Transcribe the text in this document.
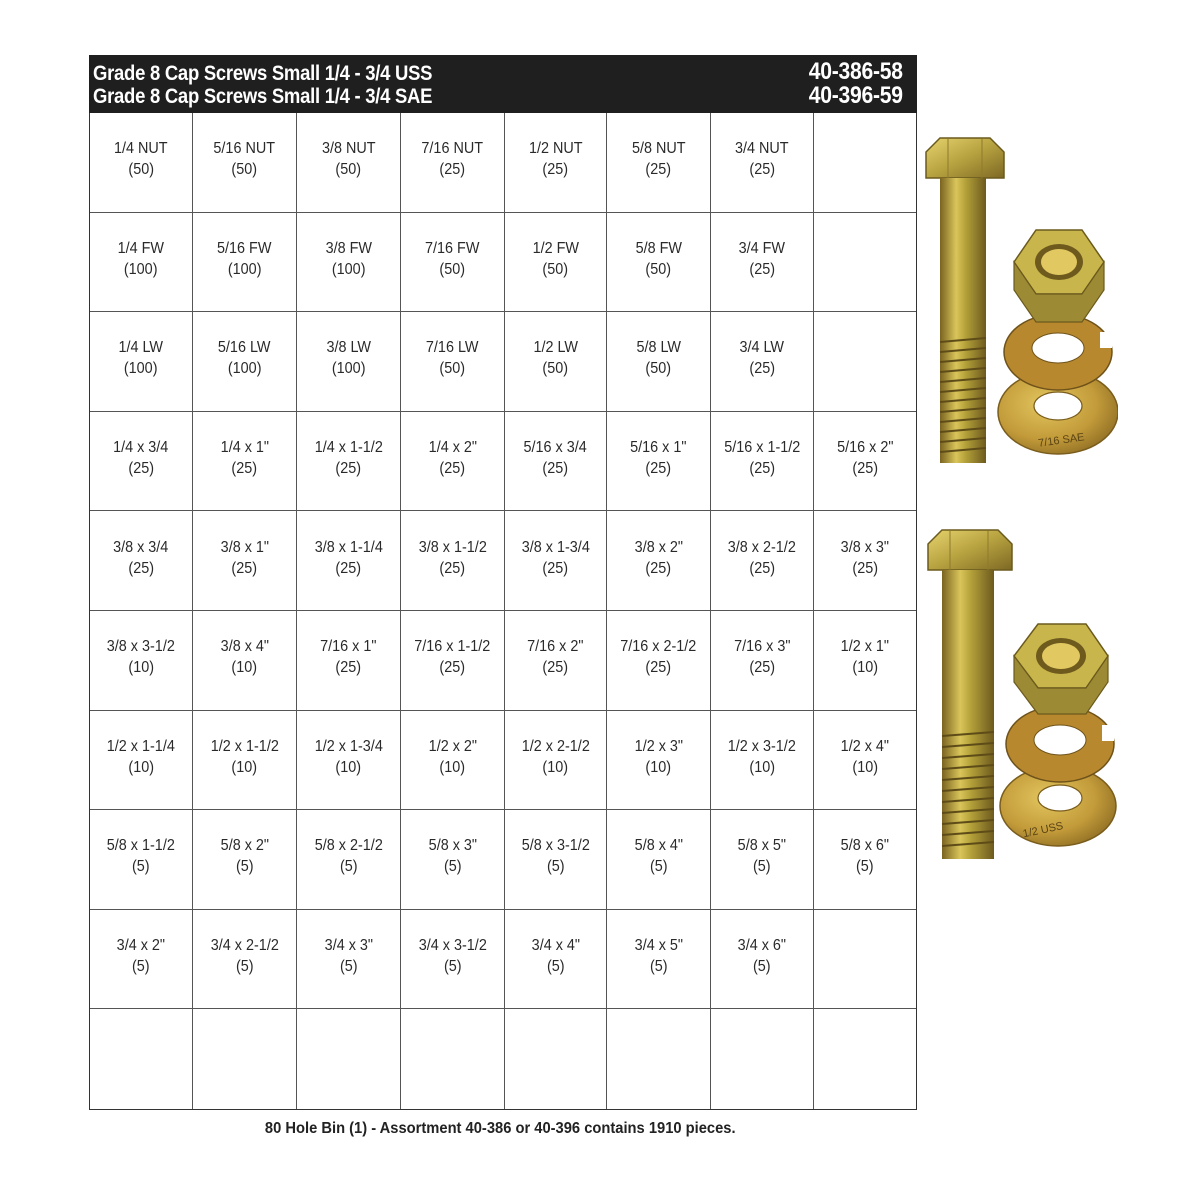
Grade 8 Cap Screws Small 1/4 - 3/4 USS
Grade 8 Cap Screws Small 1/4 - 3/4 SAE
40-386-58
40-396-59
1/4 NUT
(50)
5/16 NUT
(50)
3/8 NUT
(50)
7/16 NUT
(25)
1/2 NUT
(25)
5/8 NUT
(25)
3/4 NUT
(25)
1/4 FW
(100)
5/16 FW
(100)
3/8 FW
(100)
7/16 FW
(50)
1/2 FW
(50)
5/8 FW
(50)
3/4 FW
(25)
1/4 LW
(100)
5/16 LW
(100)
3/8 LW
(100)
7/16 LW
(50)
1/2 LW
(50)
5/8 LW
(50)
3/4 LW
(25)
1/4 x 3/4
(25)
1/4 x 1"
(25)
1/4 x 1-1/2
(25)
1/4 x 2"
(25)
5/16 x 3/4
(25)
5/16 x 1"
(25)
5/16 x 1-1/2
(25)
5/16 x 2"
(25)
3/8 x 3/4
(25)
3/8 x 1"
(25)
3/8 x 1-1/4
(25)
3/8 x 1-1/2
(25)
3/8 x 1-3/4
(25)
3/8 x 2"
(25)
3/8 x 2-1/2
(25)
3/8 x 3"
(25)
3/8 x 3-1/2
(10)
3/8 x 4"
(10)
7/16 x 1"
(25)
7/16 x 1-1/2
(25)
7/16 x 2"
(25)
7/16 x 2-1/2
(25)
7/16 x 3"
(25)
1/2 x 1"
(10)
1/2 x 1-1/4
(10)
1/2 x 1-1/2
(10)
1/2 x 1-3/4
(10)
1/2 x 2"
(10)
1/2 x 2-1/2
(10)
1/2 x 3"
(10)
1/2 x 3-1/2
(10)
1/2 x 4"
(10)
5/8 x 1-1/2
(5)
5/8 x 2"
(5)
5/8 x 2-1/2
(5)
5/8 x 3"
(5)
5/8 x 3-1/2
(5)
5/8 x 4"
(5)
5/8 x 5"
(5)
5/8 x 6"
(5)
3/4 x 2"
(5)
3/4 x 2-1/2
(5)
3/4 x 3"
(5)
3/4 x 3-1/2
(5)
3/4 x 4"
(5)
3/4 x 5"
(5)
3/4 x 6"
(5)
80 Hole Bin (1) - Assortment 40-386 or 40-396 contains 1910 pieces.
7/16 SAE
1/2 USS
